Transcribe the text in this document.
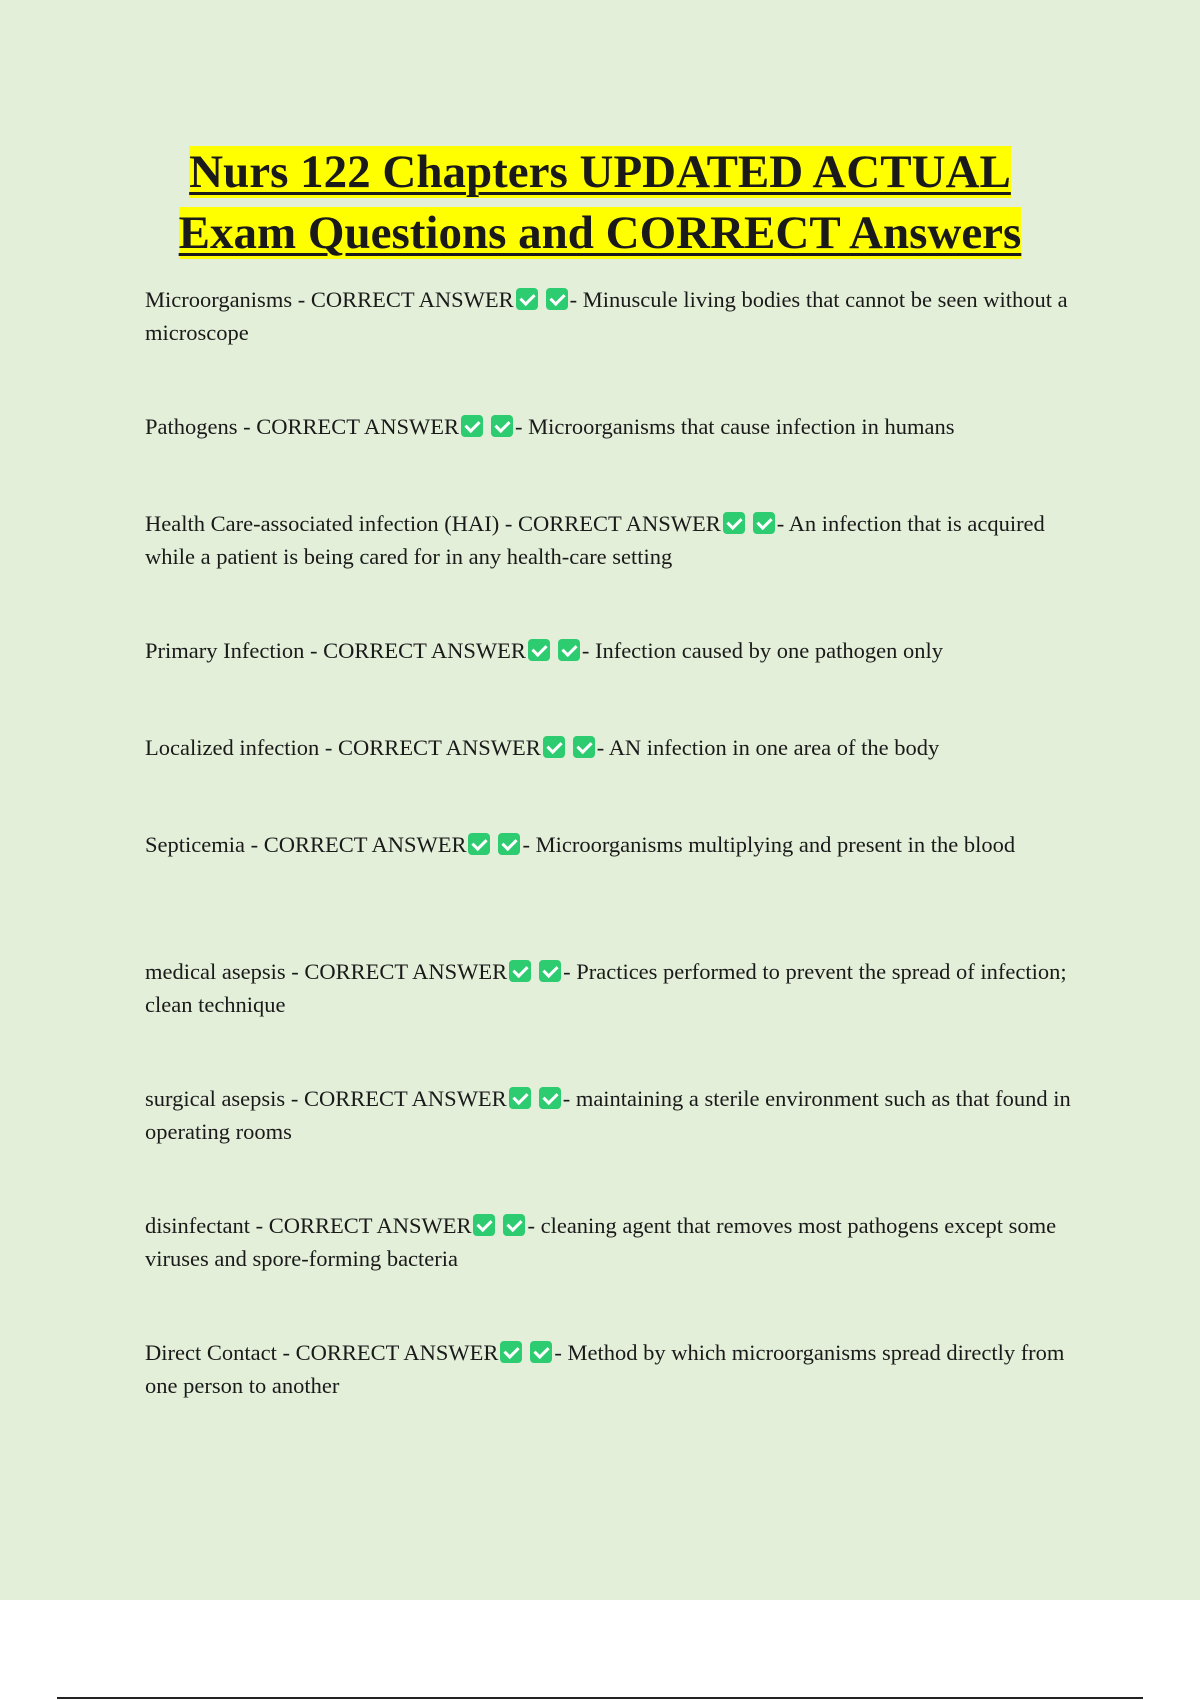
Nurs 122 Chapters UPDATED ACTUAL
Exam Questions and CORRECT Answers

Microorganisms - CORRECT ANSWER - Minuscule living bodies that cannot be seen without a microscope

Pathogens - CORRECT ANSWER - Microorganisms that cause infection in humans

Health Care-associated infection (HAI) - CORRECT ANSWER - An infection that is acquired while a patient is being cared for in any health-care setting

Primary Infection - CORRECT ANSWER - Infection caused by one pathogen only

Localized infection - CORRECT ANSWER - AN infection in one area of the body

Septicemia - CORRECT ANSWER - Microorganisms multiplying and present in the blood

medical asepsis - CORRECT ANSWER - Practices performed to prevent the spread of infection; clean technique

surgical asepsis - CORRECT ANSWER - maintaining a sterile environment such as that found in operating rooms

disinfectant - CORRECT ANSWER - cleaning agent that removes most pathogens except some viruses and spore-forming bacteria

Direct Contact - CORRECT ANSWER - Method by which microorganisms spread directly from one person to another
